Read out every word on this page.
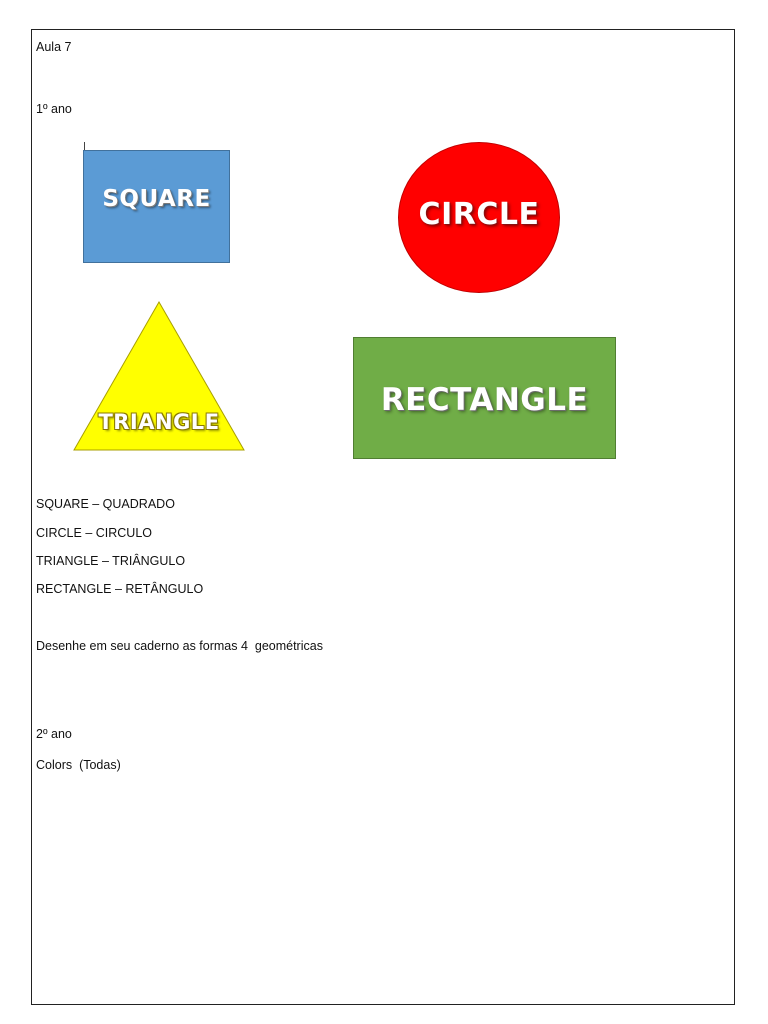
Aula 7
1º ano
SQUARE	CIRCLE
TRIANGLE
RECTANGLE
SQUARE – QUADRADO
CIRCLE – CIRCULO
TRIANGLE – TRIÂNGULO
RECTANGLE – RETÂNGULO
Desenhe em seu caderno as formas 4  geométricas
2º ano
Colors  (Todas)
